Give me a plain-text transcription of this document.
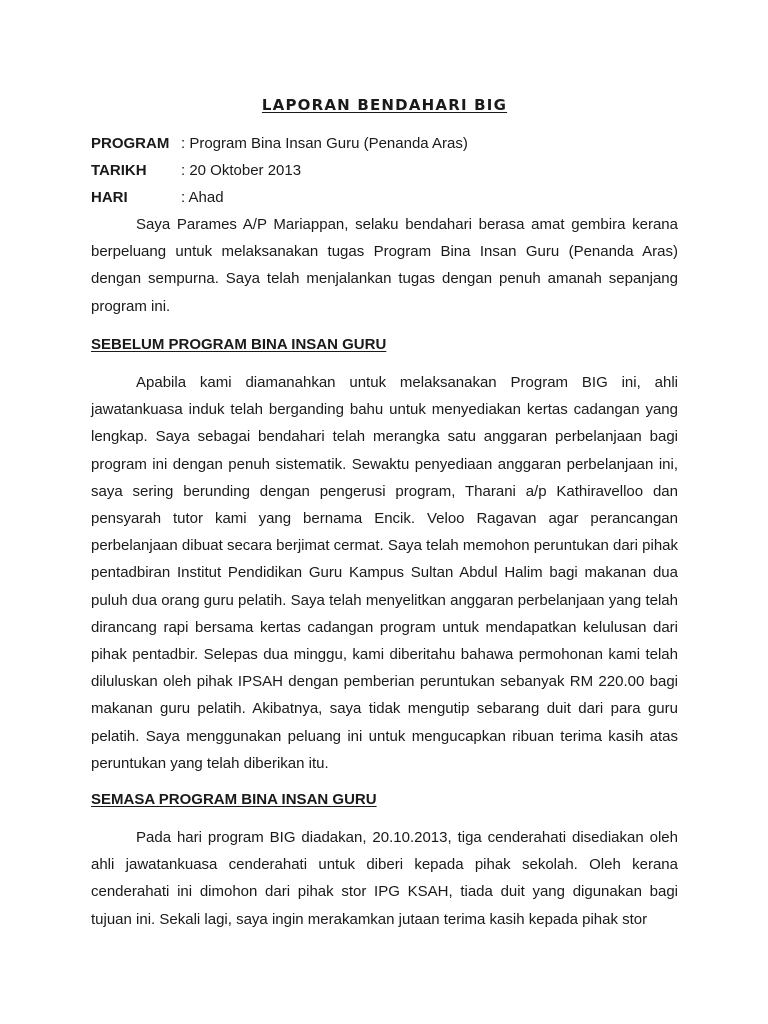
LAPORAN BENDAHARI BIG
PROGRAM : Program Bina Insan Guru (Penanda Aras)
TARIKH	: 20 Oktober 2013
HARI	: Ahad

Saya Parames A/P Mariappan, selaku bendahari berasa amat gembira kerana berpeluang untuk melaksanakan tugas Program Bina Insan Guru (Penanda Aras) dengan sempurna. Saya telah menjalankan tugas dengan penuh amanah sepanjang program ini.

SEBELUM PROGRAM BINA INSAN GURU

Apabila kami diamanahkan untuk melaksanakan Program BIG ini, ahli jawatankuasa induk telah berganding bahu untuk menyediakan kertas cadangan yang lengkap. Saya sebagai bendahari telah merangka satu anggaran perbelanjaan bagi program ini dengan penuh sistematik. Sewaktu penyediaan anggaran perbelanjaan ini, saya sering berunding dengan pengerusi program, Tharani a/p Kathiravelloo dan pensyarah tutor kami yang bernama Encik. Veloo Ragavan agar perancangan perbelanjaan dibuat secara berjimat cermat. Saya telah memohon peruntukan dari pihak pentadbiran Institut Pendidikan Guru Kampus Sultan Abdul Halim bagi makanan dua puluh dua orang guru pelatih. Saya telah menyelitkan anggaran perbelanjaan yang telah dirancang rapi bersama kertas cadangan program untuk mendapatkan kelulusan dari pihak pentadbir. Selepas dua minggu, kami diberitahu bahawa permohonan kami telah diluluskan oleh pihak IPSAH dengan pemberian peruntukan sebanyak RM 220.00 bagi makanan guru pelatih. Akibatnya, saya tidak mengutip sebarang duit dari para guru pelatih. Saya menggunakan peluang ini untuk mengucapkan ribuan terima kasih atas peruntukan yang telah diberikan itu.

SEMASA PROGRAM BINA INSAN GURU

Pada hari program BIG diadakan, 20.10.2013, tiga cenderahati disediakan oleh ahli jawatankuasa cenderahati untuk diberi kepada pihak sekolah. Oleh kerana cenderahati ini dimohon dari pihak stor IPG KSAH, tiada duit yang digunakan bagi tujuan ini. Sekali lagi, saya ingin merakamkan jutaan terima kasih kepada pihak stor
